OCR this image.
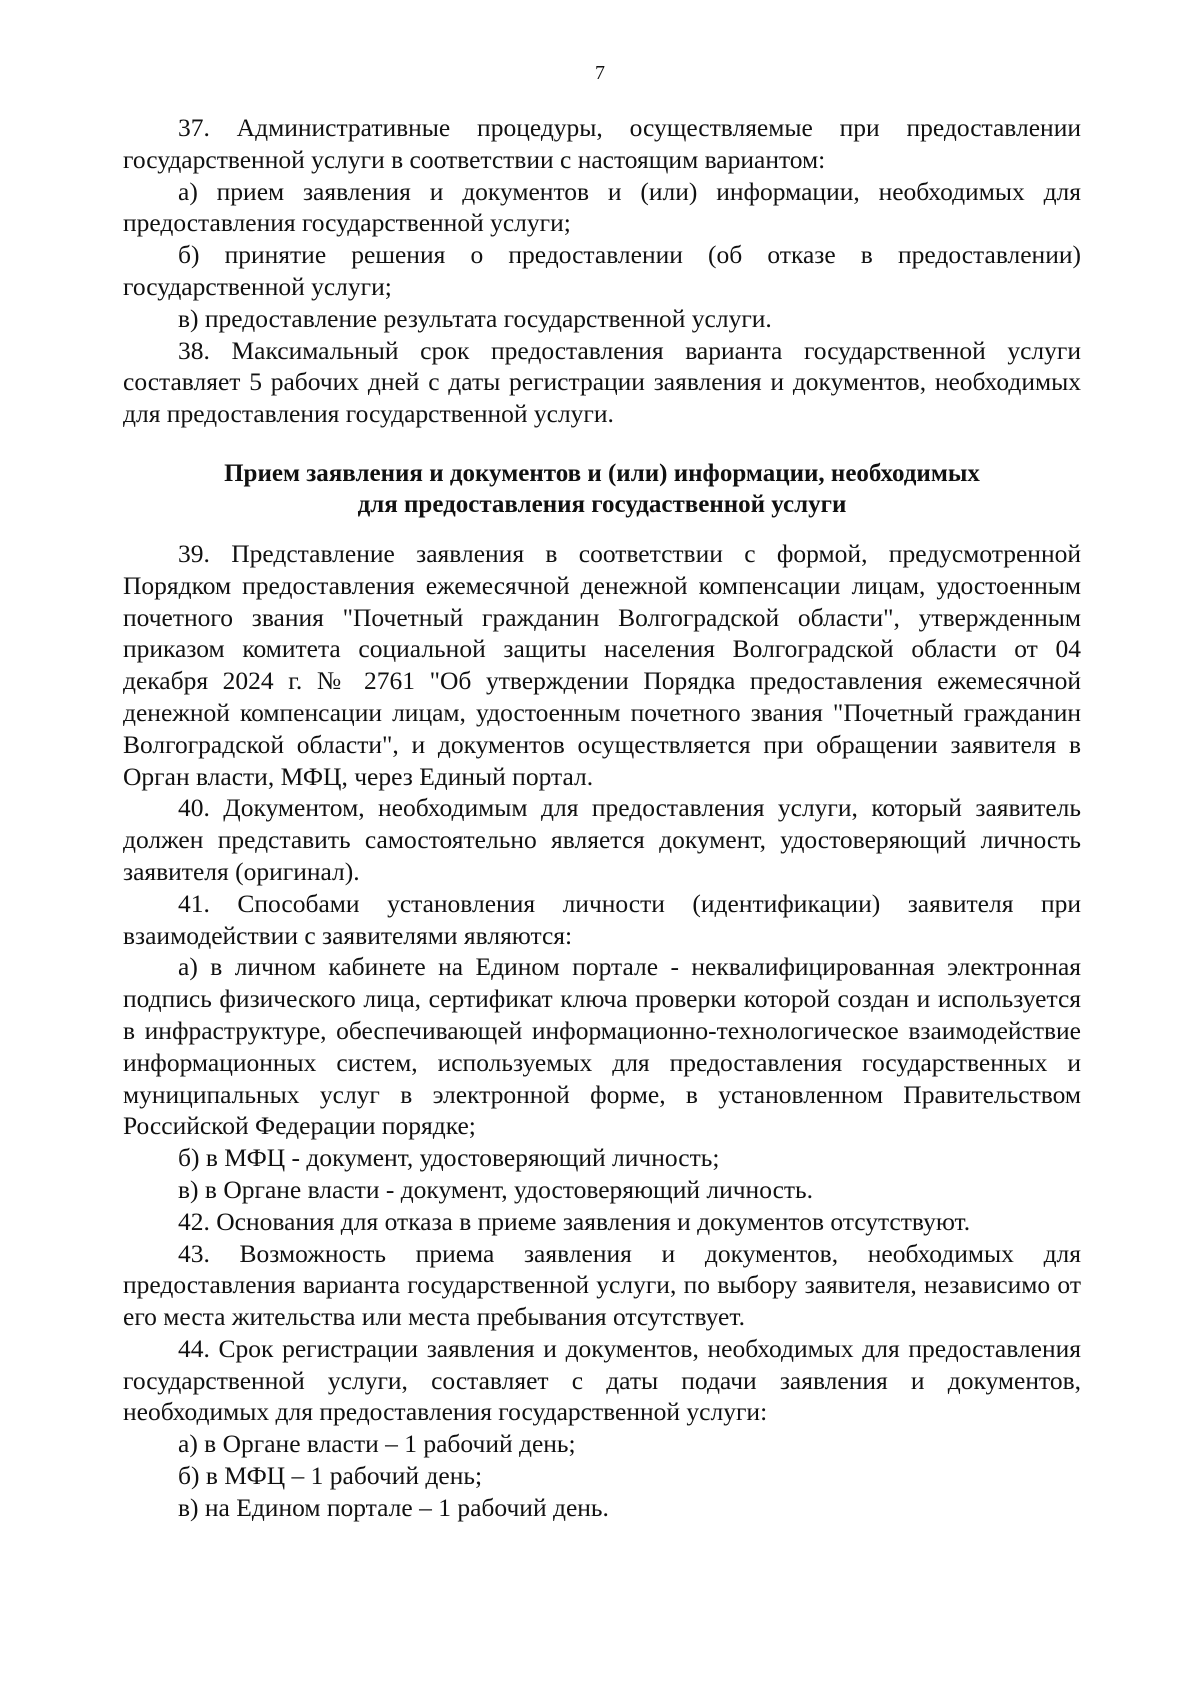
7

37. Административные процедуры, осуществляемые при предоставлении государственной услуги в соответствии с настоящим вариантом:

а) прием заявления и документов и (или) информации, необходимых для предоставления государственной услуги;

б) принятие решения о предоставлении (об отказе в предоставлении) государственной услуги;

в) предоставление результата государственной услуги.

38. Максимальный срок предоставления варианта государственной услуги составляет 5 рабочих дней с даты регистрации заявления и документов, необходимых для предоставления государственной услуги.

Прием заявления и документов и (или) информации, необходимых
для предоставления госудаственной услуги

39. Представление заявления в соответствии с формой, предусмотренной Порядком предоставления ежемесячной денежной компенсации лицам, удостоенным почетного звания "Почетный гражданин Волгоградской области", утвержденным приказом комитета социальной защиты населения Волгоградской области от 04 декабря 2024 г. № 2761 "Об утверждении Порядка предоставления ежемесячной денежной компенсации лицам, удостоенным почетного звания "Почетный гражданин Волгоградской области", и документов осуществляется при обращении заявителя в Орган власти, МФЦ, через Единый портал.

40. Документом, необходимым для предоставления услуги, который заявитель должен представить самостоятельно является документ, удостоверяющий личность заявителя (оригинал).

41. Способами установления личности (идентификации) заявителя при взаимодействии с заявителями являются:

а) в личном кабинете на Едином портале - неквалифицированная электронная подпись физического лица, сертификат ключа проверки которой создан и используется в инфраструктуре, обеспечивающей информационно-технологическое взаимодействие информационных систем, используемых для предоставления государственных и муниципальных услуг в электронной форме, в установленном Правительством Российской Федерации порядке;

б) в МФЦ - документ, удостоверяющий личность;

в) в Органе власти - документ, удостоверяющий личность.

42. Основания для отказа в приеме заявления и документов отсутствуют.

43. Возможность приема заявления и документов, необходимых для предоставления варианта государственной услуги, по выбору заявителя, независимо от его места жительства или места пребывания отсутствует.

44. Срок регистрации заявления и документов, необходимых для предоставления государственной услуги, составляет с даты подачи заявления и документов, необходимых для предоставления государственной услуги:

а) в Органе власти – 1 рабочий день;

б) в МФЦ – 1 рабочий день;

в) на Едином портале – 1 рабочий день.
